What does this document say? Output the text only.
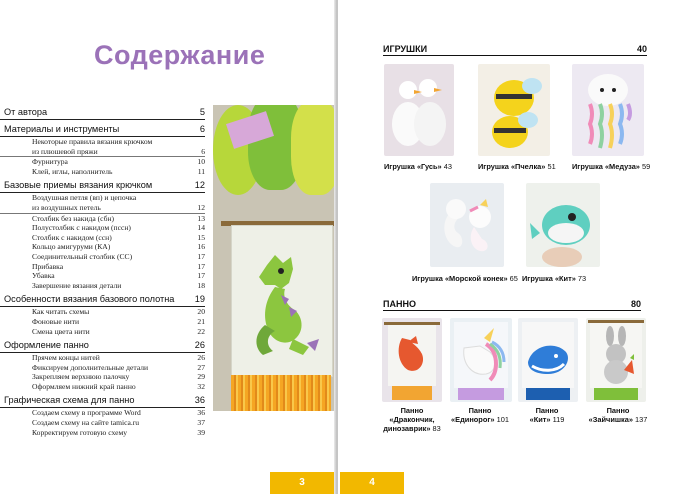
Содержание
От автора	5
Материалы и инструменты	6
Некоторые правила вязания крючком
из плюшевой пряжи	6
Фурнитура	10
Клей, иглы, наполнитель	11
Базовые приемы вязания крючком	12
Воздушная петля (вп) и цепочка
из воздушных петель	12
Столбик без накида (сбн)	13
Полустолбик с накидом (пссн)	14
Столбик с накидом (ссн)	15
Кольцо амигуруми (КА)	16
Соединительный столбик (СС)	17
Прибавка	17
Убавка	17
Завершение вязания детали	18
Особенности вязания базового полотна 19
Как читать схемы	20
Фоновые нити	21
Смена цвета нити	22
Оформление панно	26
Прячем концы нитей	26
Фиксируем дополнительные детали	27
Закрепляем верхнюю палочку	29
Оформляем нижний край панно	32
Графическая схема для панно	36
Создаем схему в программе Word	36
Создаем схему на сайте tamica.ru	37
Корректируем готовую схему	39
3
ИГРУШКИ	40
Игрушка «Гусь» 43	Игрушка «Пчелка» 51 Игрушка «Медуза» 59
Игрушка «Морской конек» 65 Игрушка «Кит» 73
ПАННО	80
Панно
«Дракончик,
динозаврик» 83
Панно
«Единорог» 101
Панно
«Кит» 119
Панно
«Зайчишка» 137
4
